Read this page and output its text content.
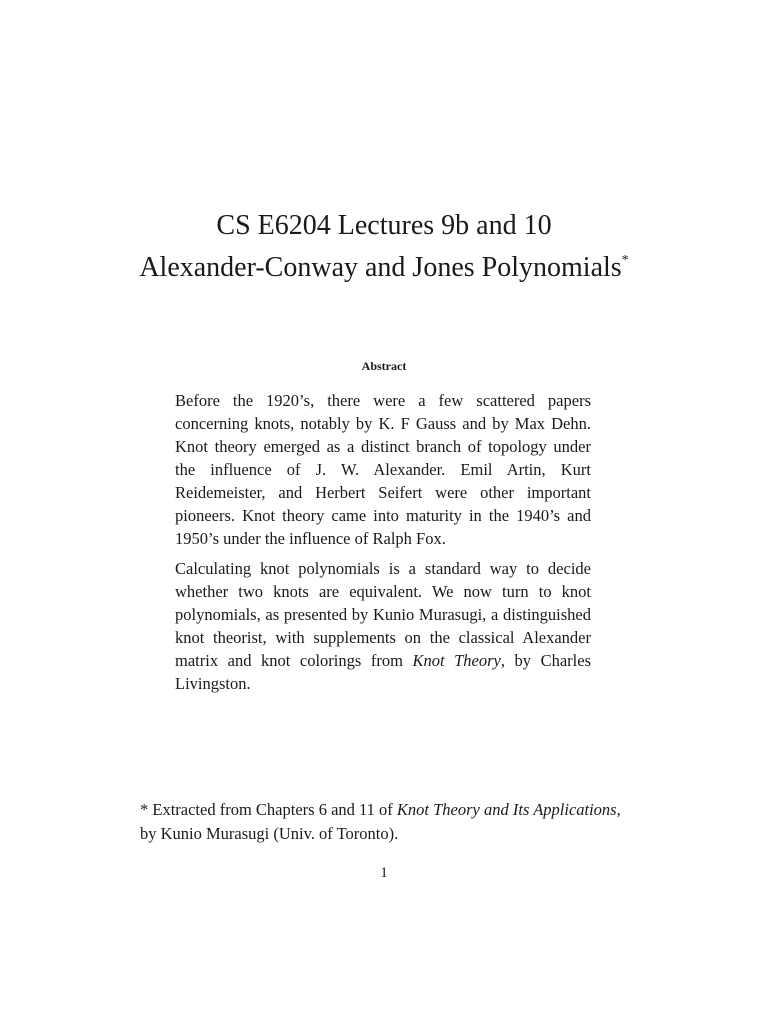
CS E6204 Lectures 9b and 10
Alexander-Conway and Jones Polynomials*
Abstract

Before the 1920’s, there were a few scattered papers concerning knots, notably by K. F Gauss and by Max Dehn. Knot theory emerged as a distinct branch of topology under the influence of J. W. Alexander. Emil Artin, Kurt Reidemeister, and Herbert Seifert were other important pioneers. Knot theory came into maturity in the 1940’s and 1950’s under the influence of Ralph Fox.

Calculating knot polynomials is a standard way to decide whether two knots are equivalent. We now turn to knot polynomials, as presented by Kunio Murasugi, a distinguished knot theorist, with supplements on the classical Alexander matrix and knot colorings from Knot Theory, by Charles Livingston.

* Extracted from Chapters 6 and 11 of Knot Theory and Its Applications, by Kunio Murasugi (Univ. of Toronto).
1
